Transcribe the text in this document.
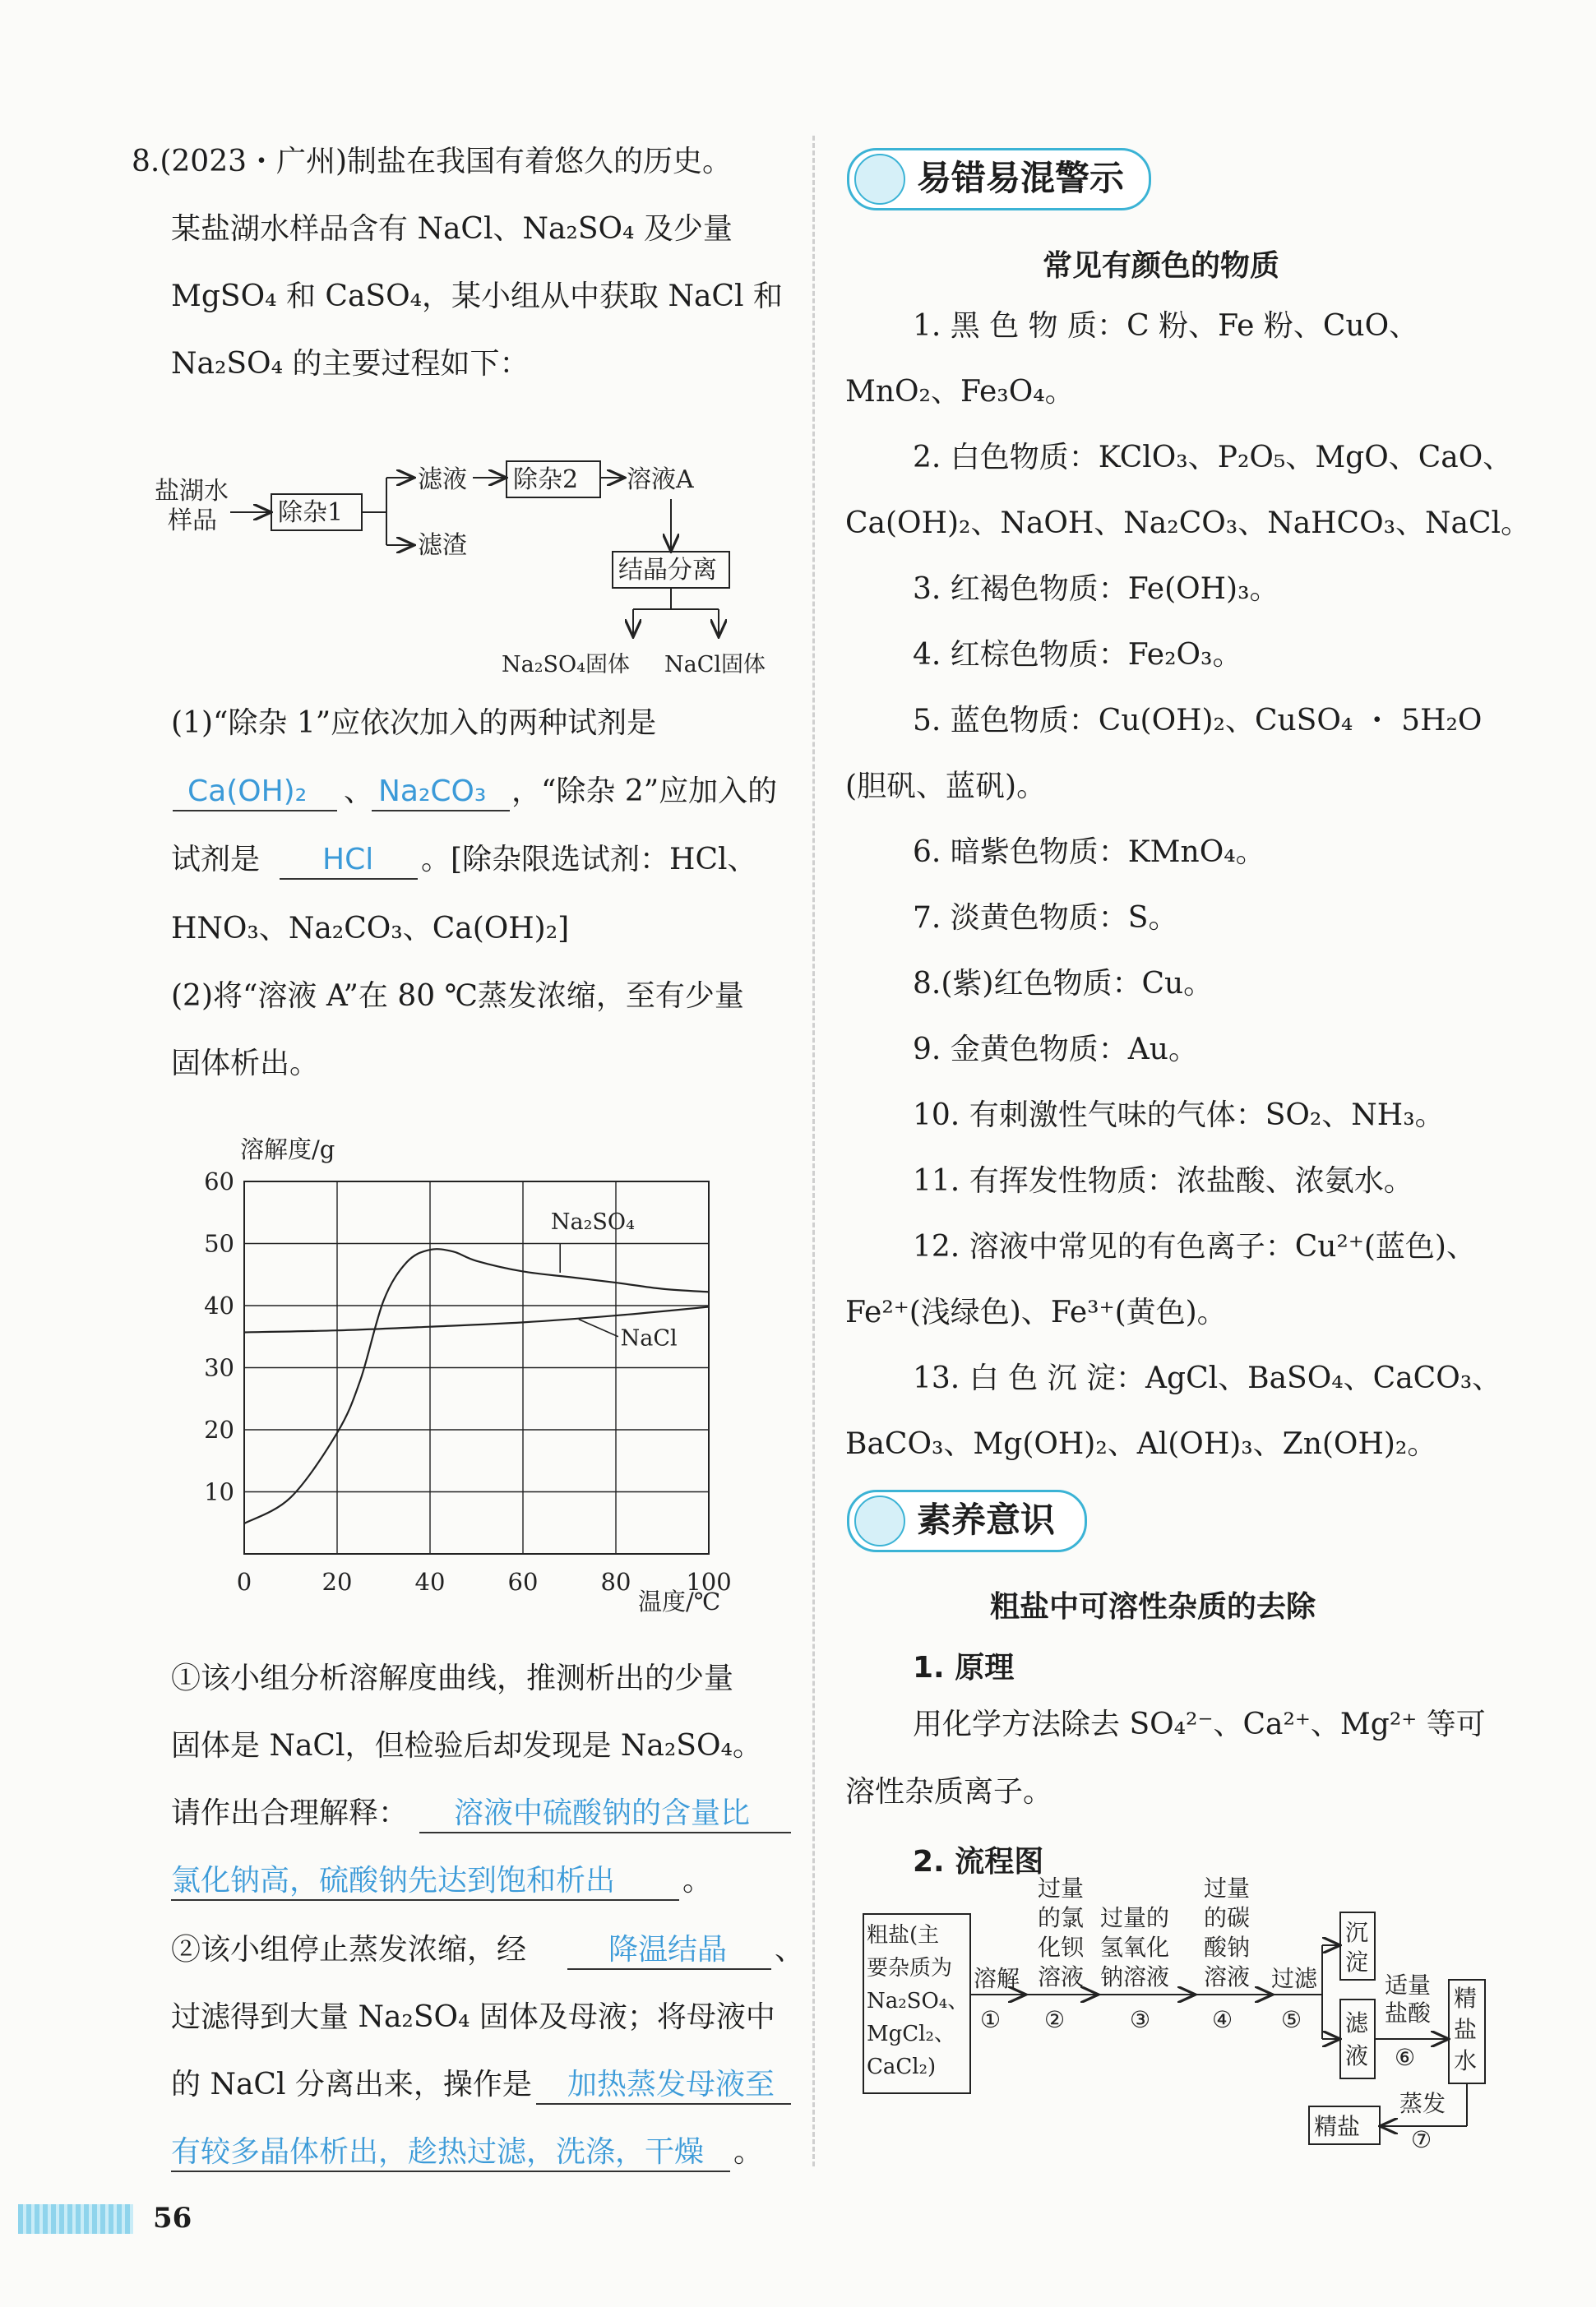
8.(2023・广州)制盐在我国有着悠久的历史。
某盐湖水样品含有 NaCl、Na₂SO₄ 及少量
MgSO₄ 和 CaSO₄，某小组从中获取 NaCl 和
Na₂SO₄ 的主要过程如下：
盐湖水
样品 除杂1
滤液
滤渣
除杂2 溶液A
结晶分离
Na₂SO₄固体 NaCl固体
(1)“除杂 1”应依次加入的两种试剂是
Ca(OH)₂ 、 Na₂CO₃ ，“除杂 2”应加入的
试剂是 HCl 。[除杂限选试剂：HCl、
HNO₃、Na₂CO₃、Ca(OH)₂]
(2)将“溶液 A”在 80 ℃蒸发浓缩，至有少量
固体析出。
溶解度/g
温度/℃
0	20	40	60	80 100
10
20
30
40
50
60
Na₂SO₄
NaCl
①该小组分析溶解度曲线，推测析出的少量
固体是 NaCl，但检验后却发现是 Na₂SO₄。
请作出合理解释： 溶液中硫酸钠的含量比
氯化钠高，硫酸钠先达到饱和析出 。
②该小组停止蒸发浓缩，经	降温结晶 、
过滤得到大量 Na₂SO₄ 固体及母液；将母液中
的 NaCl 分离出来，操作是 加热蒸发母液至
有较多晶体析出，趁热过滤，洗涤，干燥 。
易错易混警示
常见有颜色的物质
1. 黑 色 物 质：C 粉、Fe 粉、CuO、
MnO₂、Fe₃O₄。
2. 白色物质：KClO₃、P₂O₅、MgO、CaO、
Ca(OH)₂、NaOH、Na₂CO₃、NaHCO₃、NaCl。
3. 红褐色物质：Fe(OH)₃。
4. 红棕色物质：Fe₂O₃。
5. 蓝色物质：Cu(OH)₂、CuSO₄ ・ 5H₂O
(胆矾、蓝矾)。
6. 暗紫色物质：KMnO₄。
7. 淡黄色物质：S。
8.(紫)红色物质：Cu。
9. 金黄色物质：Au。
10. 有刺激性气味的气体：SO₂、NH₃。
11. 有挥发性物质：浓盐酸、浓氨水。
12. 溶液中常见的有色离子：Cu²⁺(蓝色)、
Fe²⁺(浅绿色)、Fe³⁺(黄色)。
13. 白 色 沉 淀：AgCl、BaSO₄、CaCO₃、
BaCO₃、Mg(OH)₂、Al(OH)₃、Zn(OH)₂。
素养意识
粗盐中可溶性杂质的去除
1. 原理
用化学方法除去 SO₄²⁻、Ca²⁺、Mg²⁺ 等可
溶性杂质离子。
2. 流程图
粗盐(主
要杂质为
Na₂SO₄、
MgCl₂、
CaCl₂)
溶解
①
过量
的氯
化钡
溶液
②
过量的
氢氧化
钠溶液
③
过量
的碳
酸钠
溶液
④
过滤
⑤
沉
淀
滤
液
适量
盐酸
⑥
精
盐
水
蒸发
⑦
精盐
56
